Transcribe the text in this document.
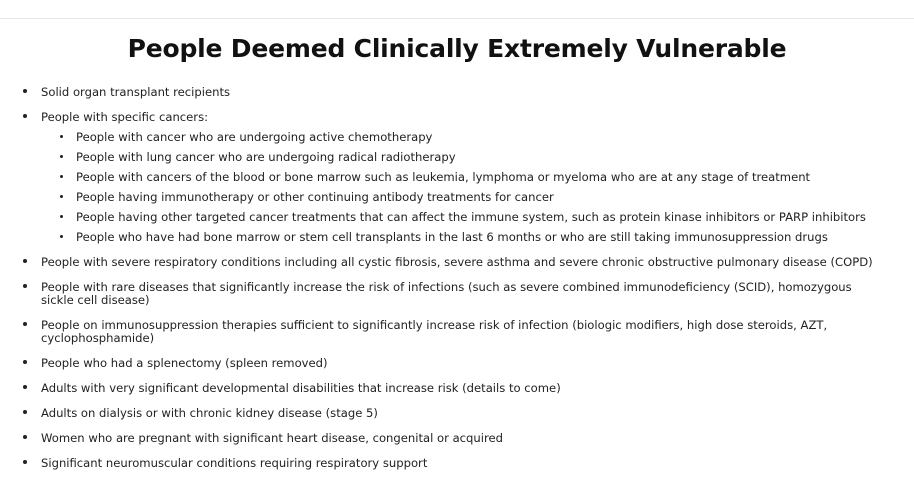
People Deemed Clinically Extremely Vulnerable
Solid organ transplant recipients
People with specific cancers:
People with cancer who are undergoing active chemotherapy
People with lung cancer who are undergoing radical radiotherapy
People with cancers of the blood or bone marrow such as leukemia, lymphoma or myeloma who are at any stage of treatment
People having immunotherapy or other continuing antibody treatments for cancer
People having other targeted cancer treatments that can affect the immune system, such as protein kinase inhibitors or PARP inhibitors
People who have had bone marrow or stem cell transplants in the last 6 months or who are still taking immunosuppression drugs
People with severe respiratory conditions including all cystic fibrosis, severe asthma and severe chronic obstructive pulmonary disease (COPD)
People with rare diseases that significantly increase the risk of infections (such as severe combined immunodeficiency (SCID), homozygous sickle cell disease)
People on immunosuppression therapies sufficient to significantly increase risk of infection (biologic modifiers, high dose steroids, AZT, cyclophosphamide)
People who had a splenectomy (spleen removed)
Adults with very significant developmental disabilities that increase risk (details to come)
Adults on dialysis or with chronic kidney disease (stage 5)
Women who are pregnant with significant heart disease, congenital or acquired
Significant neuromuscular conditions requiring respiratory support
